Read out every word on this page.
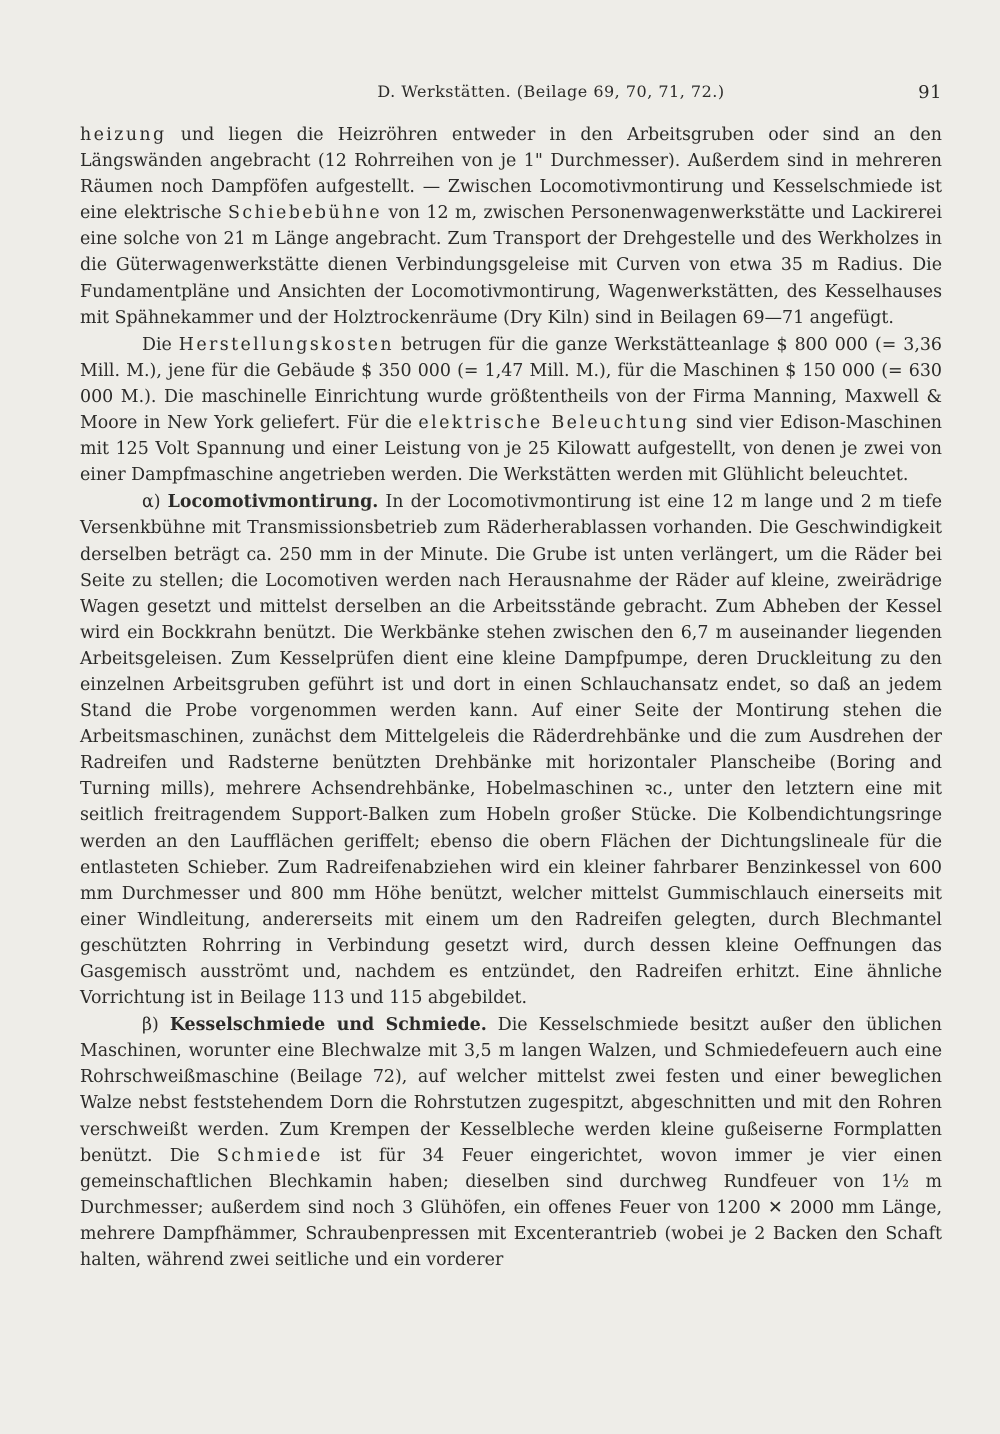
D. Werkstätten. (Beilage 69, 70, 71, 72.)	91

heizung und liegen die Heizröhren entweder in den Arbeitsgruben oder sind an den Längswänden angebracht (12 Rohrreihen von je 1" Durchmesser). Außerdem sind in mehreren Räumen noch Dampföfen aufgestellt. — Zwischen Locomotivmontirung und Kesselschmiede ist eine elektrische Schiebebühne von 12 m, zwischen Personenwagenwerkstätte und Lackirerei eine solche von 21 m Länge angebracht. Zum Transport der Drehgestelle und des Werkholzes in die Güterwagenwerkstätte dienen Verbindungsgeleise mit Curven von etwa 35 m Radius. Die Fundamentpläne und Ansichten der Locomotivmontirung, Wagenwerkstätten, des Kesselhauses mit Spähnekammer und der Holztrockenräume (Dry Kiln) sind in Beilagen 69—71 angefügt.

Die Herstellungskosten betrugen für die ganze Werkstätteanlage $ 800 000 (= 3,36 Mill. M.), jene für die Gebäude $ 350 000 (= 1,47 Mill. M.), für die Maschinen $ 150 000 (= 630 000 M.). Die maschinelle Einrichtung wurde größtentheils von der Firma Manning, Maxwell & Moore in New York geliefert. Für die elektrische Beleuchtung sind vier Edison-Maschinen mit 125 Volt Spannung und einer Leistung von je 25 Kilowatt aufgestellt, von denen je zwei von einer Dampfmaschine angetrieben werden. Die Werkstätten werden mit Glühlicht beleuchtet.

α) Locomotivmontirung. In der Locomotivmontirung ist eine 12 m lange und 2 m tiefe Versenkbühne mit Transmissionsbetrieb zum Räderherablassen vorhanden. Die Geschwindigkeit derselben beträgt ca. 250 mm in der Minute. Die Grube ist unten verlängert, um die Räder bei Seite zu stellen; die Locomotiven werden nach Herausnahme der Räder auf kleine, zweirädrige Wagen gesetzt und mittelst derselben an die Arbeitsstände gebracht. Zum Abheben der Kessel wird ein Bockkrahn benützt. Die Werkbänke stehen zwischen den 6,7 m auseinander liegenden Arbeitsgeleisen. Zum Kesselprüfen dient eine kleine Dampfpumpe, deren Druckleitung zu den einzelnen Arbeitsgruben geführt ist und dort in einen Schlauchansatz endet, so daß an jedem Stand die Probe vorgenommen werden kann. Auf einer Seite der Montirung stehen die Arbeitsmaschinen, zunächst dem Mittelgeleis die Räderdrehbänke und die zum Ausdrehen der Radreifen und Radsterne benützten Drehbänke mit horizontaler Planscheibe (Boring and Turning mills), mehrere Achsendrehbänke, Hobelmaschinen ꝛc., unter den letztern eine mit seitlich freitragendem Support-Balken zum Hobeln großer Stücke. Die Kolbendichtungsringe werden an den Laufflächen geriffelt; ebenso die obern Flächen der Dichtungslineale für die entlasteten Schieber. Zum Radreifenabziehen wird ein kleiner fahrbarer Benzinkessel von 600 mm Durchmesser und 800 mm Höhe benützt, welcher mittelst Gummischlauch einerseits mit einer Windleitung, andererseits mit einem um den Radreifen gelegten, durch Blechmantel geschützten Rohrring in Verbindung gesetzt wird, durch dessen kleine Oeffnungen das Gasgemisch ausströmt und, nachdem es entzündet, den Radreifen erhitzt. Eine ähnliche Vorrichtung ist in Beilage 113 und 115 abgebildet.

β) Kesselschmiede und Schmiede. Die Kesselschmiede besitzt außer den üblichen Maschinen, worunter eine Blechwalze mit 3,5 m langen Walzen, und Schmiedefeuern auch eine Rohrschweißmaschine (Beilage 72), auf welcher mittelst zwei festen und einer beweglichen Walze nebst feststehendem Dorn die Rohrstutzen zugespitzt, abgeschnitten und mit den Rohren verschweißt werden. Zum Krempen der Kesselbleche werden kleine gußeiserne Formplatten benützt. Die Schmiede ist für 34 Feuer eingerichtet, wovon immer je vier einen gemeinschaftlichen Blechkamin haben; dieselben sind durchweg Rundfeuer von 1½ m Durchmesser; außerdem sind noch 3 Glühöfen, ein offenes Feuer von 1200 ✕ 2000 mm Länge, mehrere Dampfhämmer, Schraubenpressen mit Excenterantrieb (wobei je 2 Backen den Schaft halten, während zwei seitliche und ein vorderer
